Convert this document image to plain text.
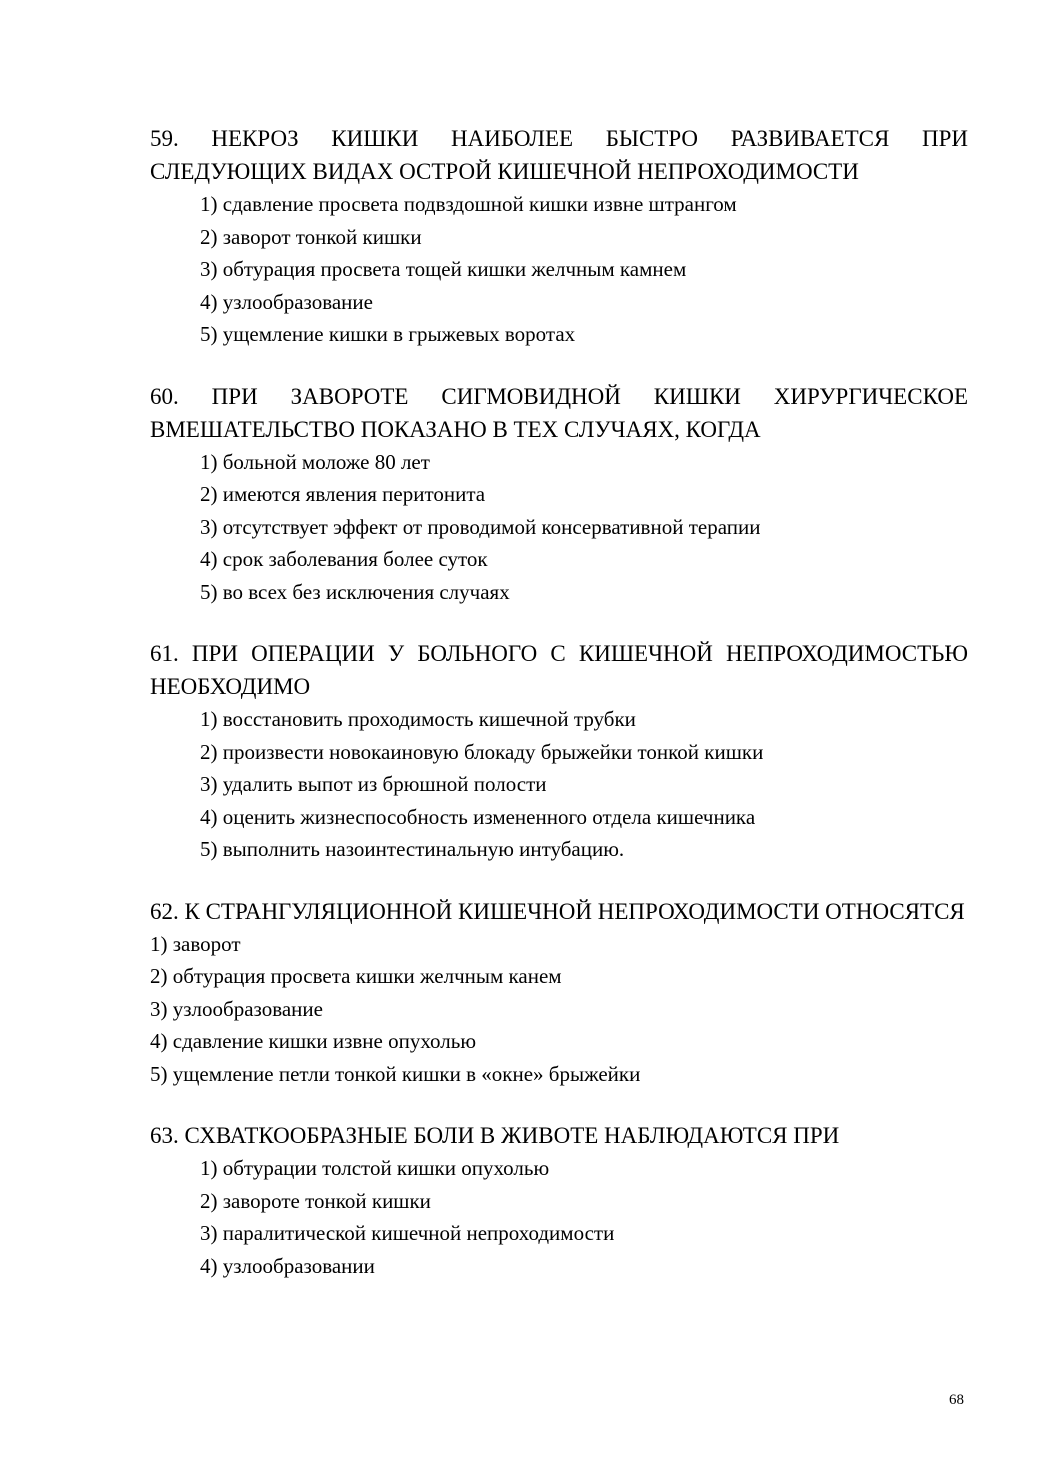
59. НЕКРОЗ КИШКИ НАИБОЛЕЕ БЫСТРО РАЗВИВАЕТСЯ ПРИ СЛЕДУЮЩИХ ВИДАХ ОСТРОЙ КИШЕЧНОЙ НЕПРОХОДИМОСТИ

1) сдавление просвета подвздошной кишки извне штрангом
2) заворот тонкой кишки
3) обтурация просвета тощей кишки желчным камнем
4) узлообразование
5) ущемление кишки в грыжевых воротах

60. ПРИ ЗАВОРОТЕ СИГМОВИДНОЙ КИШКИ ХИРУРГИЧЕСКОЕ ВМЕШАТЕЛЬСТВО ПОКАЗАНО В ТЕХ СЛУЧАЯХ, КОГДА

1) больной моложе 80 лет
2) имеются явления перитонита
3) отсутствует эффект от проводимой консервативной терапии
4) срок заболевания более суток
5) во всех без исключения случаях

61. ПРИ ОПЕРАЦИИ У БОЛЬНОГО С КИШЕЧНОЙ НЕПРОХОДИМОСТЬЮ НЕОБХОДИМО

1) восстановить проходимость кишечной трубки
2) произвести новокаиновую блокаду брыжейки тонкой кишки
3) удалить выпот из брюшной полости
4) оценить жизнеспособность измененного отдела кишечника
5) выполнить назоинтестинальную интубацию.

62. К СТРАНГУЛЯЦИОННОЙ КИШЕЧНОЙ НЕПРОХОДИМОСТИ ОТНОСЯТСЯ

1) заворот
2) обтурация просвета кишки желчным канем
3) узлообразование
4) сдавление кишки извне опухолью
5) ущемление петли тонкой кишки в «окне» брыжейки

63. СХВАТКООБРАЗНЫЕ БОЛИ В ЖИВОТЕ НАБЛЮДАЮТСЯ ПРИ

1) обтурации толстой кишки опухолью
2) завороте тонкой кишки
3) паралитической кишечной непроходимости
4) узлообразовании
68
